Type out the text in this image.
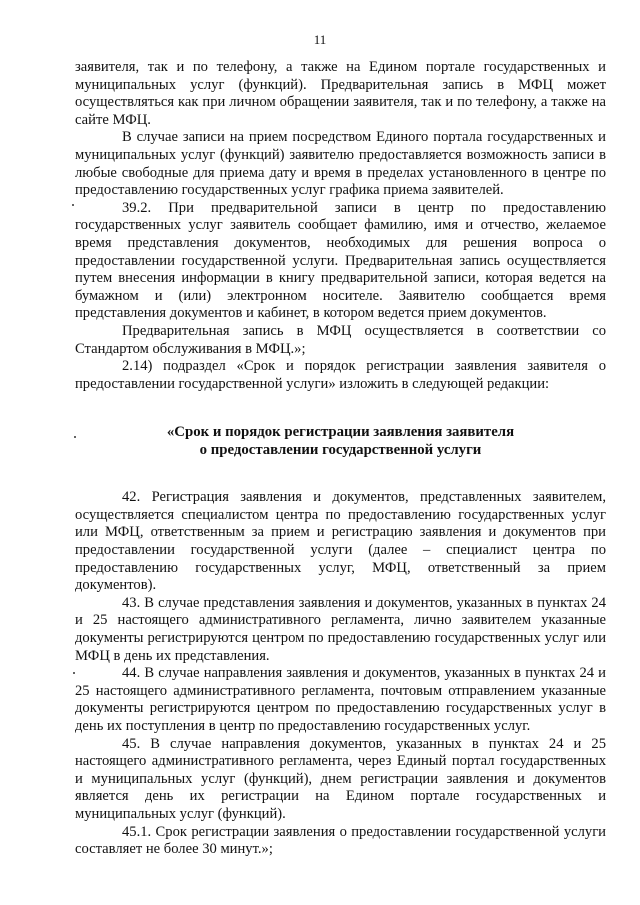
11

заявителя, так и по телефону, а также на Едином портале государственных и муниципальных услуг (функций). Предварительная запись в МФЦ может осуществляться как при личном обращении заявителя, так и по телефону, а также на сайте МФЦ.

В случае записи на прием посредством Единого портала государственных и муниципальных услуг (функций) заявителю предоставляется возможность записи в любые свободные для приема дату и время в пределах установленного в центре по предоставлению государственных услуг графика приема заявителей.

39.2. При предварительной записи в центр по предоставлению государственных услуг заявитель сообщает фамилию, имя и отчество, желаемое время представления документов, необходимых для решения вопроса о предоставлении государственной услуги. Предварительная запись осуществляется путем внесения информации в книгу предварительной записи, которая ведется на бумажном и (или) электронном носителе. Заявителю сообщается время представления документов и кабинет, в котором ведется прием документов.

Предварительная запись в МФЦ осуществляется в соответствии со Стандартом обслуживания в МФЦ.»;

2.14) подраздел «Срок и порядок регистрации заявления заявителя о предоставлении государственной услуги» изложить в следующей редакции:

«Срок и порядок регистрации заявления заявителя

о предоставлении государственной услуги

42. Регистрация заявления и документов, представленных заявителем, осуществляется специалистом центра по предоставлению государственных услуг или МФЦ, ответственным за прием и регистрацию заявления и документов при предоставлении государственной услуги (далее – специалист центра по предоставлению государственных услуг, МФЦ, ответственный за прием документов).

43. В случае представления заявления и документов, указанных в пунктах 24 и 25 настоящего административного регламента, лично заявителем указанные документы регистрируются центром по предоставлению государственных услуг или МФЦ в день их представления.

44. В случае направления заявления и документов, указанных в пунктах 24 и 25 настоящего административного регламента, почтовым отправлением указанные документы регистрируются центром по предоставлению государственных услуг в день их поступления в центр по предоставлению государственных услуг.

45. В случае направления документов, указанных в пунктах 24 и 25 настоящего административного регламента, через Единый портал государственных и муниципальных услуг (функций), днем регистрации заявления и документов является день их регистрации на Едином портале государственных и муниципальных услуг (функций).

45.1. Срок регистрации заявления о предоставлении государственной услуги составляет не более 30 минут.»;
